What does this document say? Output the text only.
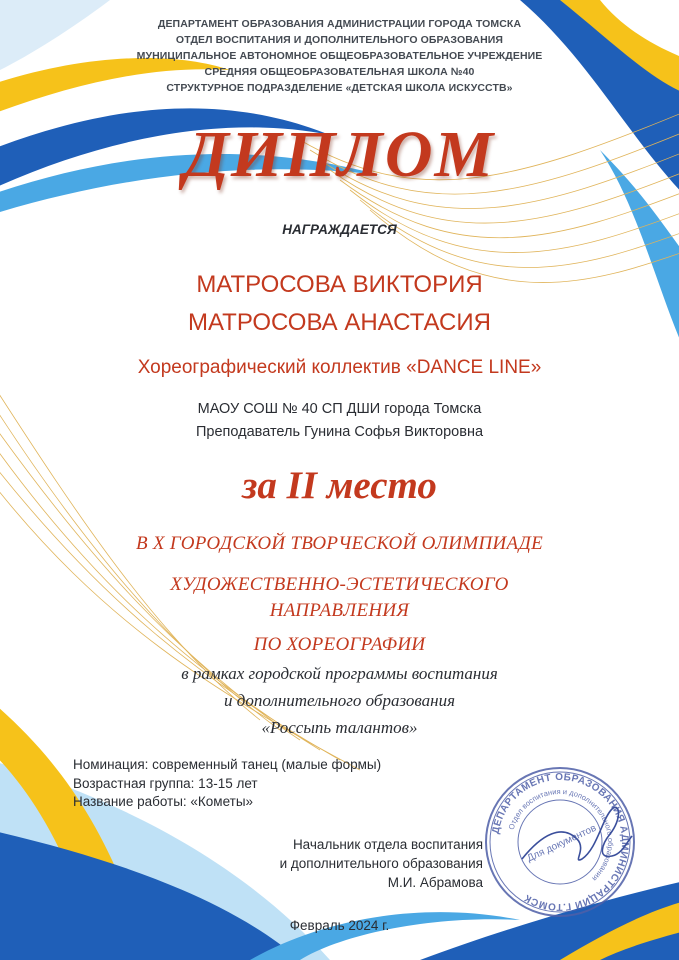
ДЕПАРТАМЕНТ ОБРАЗОВАНИЯ АДМИНИСТРАЦИИ ГОРОДА ТОМСКА
ОТДЕЛ ВОСПИТАНИЯ И ДОПОЛНИТЕЛЬНОГО ОБРАЗОВАНИЯ
МУНИЦИПАЛЬНОЕ АВТОНОМНОЕ ОБЩЕОБРАЗОВАТЕЛЬНОЕ УЧРЕЖДЕНИЕ
СРЕДНЯЯ ОБЩЕОБРАЗОВАТЕЛЬНАЯ ШКОЛА №40
СТРУКТУРНОЕ ПОДРАЗДЕЛЕНИЕ «ДЕТСКАЯ ШКОЛА ИСКУССТВ»
ДИПЛОМ
НАГРАЖДАЕТСЯ
МАТРОСОВА ВИКТОРИЯ
МАТРОСОВА АНАСТАСИЯ
Хореографический коллектив «DANCE LINE»
МАОУ СОШ № 40 СП ДШИ города Томска
Преподаватель Гунина Софья Викторовна
за II место
В Х ГОРОДСКОЙ ТВОРЧЕСКОЙ ОЛИМПИАДЕ
ХУДОЖЕСТВЕННО-ЭСТЕТИЧЕСКОГО
НАПРАВЛЕНИЯ
ПО ХОРЕОГРАФИИ
в рамках городской программы воспитания
и дополнительного образования
«Россыпь талантов»
Номинация: современный танец (малые формы)
Возрастная группа: 13-15 лет
Название работы: «Кометы»
Начальник отдела воспитания
и дополнительного образования
М.И. Абрамова
ДЕПАРТАМЕНТ ОБРАЗОВАНИЯ АДМИНИСТРАЦИИ Г.ТОМСК
Отдел воспитания и дополнительного образования
Для документов
Февраль 2024 г.
